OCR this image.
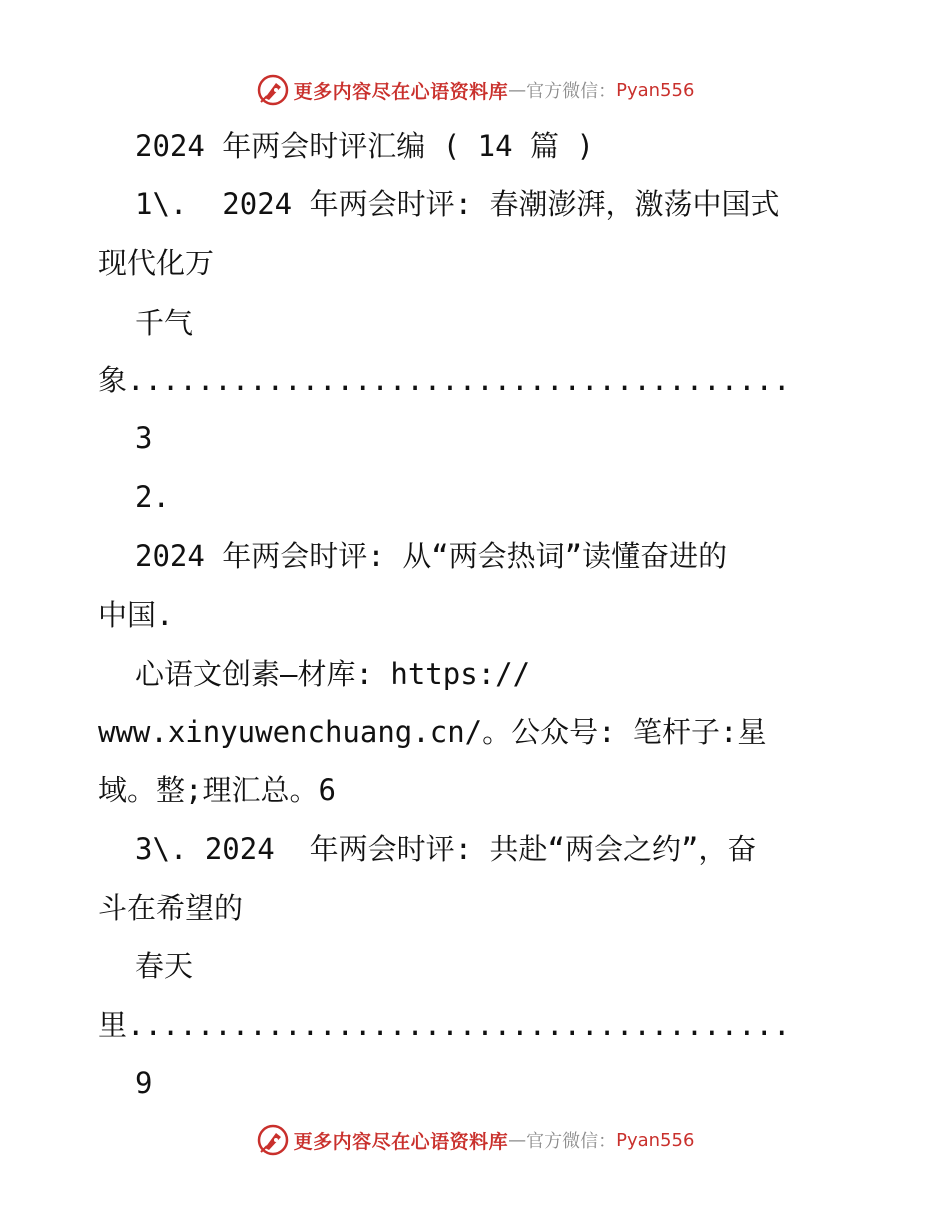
更多内容尽在心语资料库 — 官方微信： Pyan556
2024 年两会时评汇编 ( 14 篇 )
1\.  2024 年两会时评: 春潮澎湃，激荡中国式
现代化万
千气
象......................................
3
2.
2024 年两会时评: 从“两会热词”读懂奋进的
中国.
心语文创素—材库: https://
www.xinyuwenchuang.cn/。公众号: 笔杆子:星
域。整;理汇总。6
3\. 2024  年两会时评: 共赴“两会之约”，奋
斗在希望的
春天
里......................................
9
更多内容尽在心语资料库 — 官方微信： Pyan556
